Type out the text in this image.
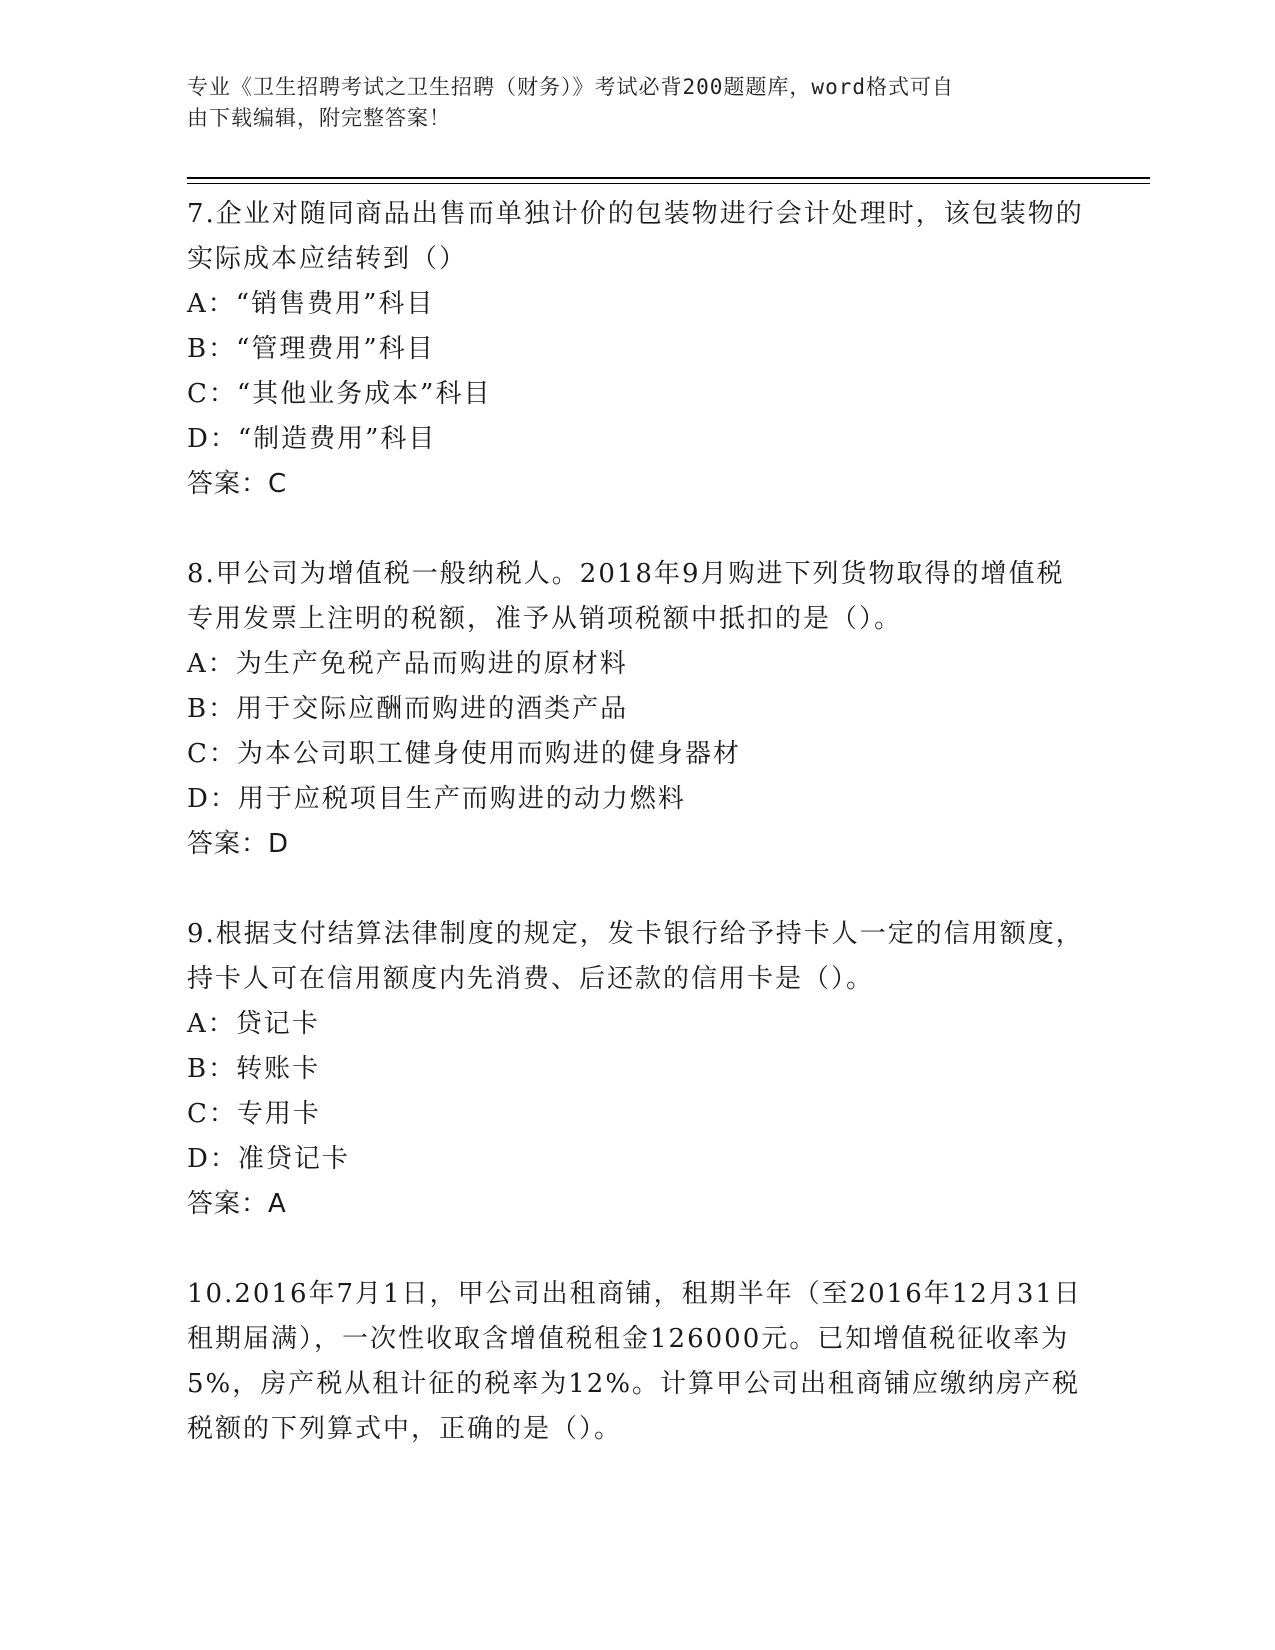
专业《卫生招聘考试之卫生招聘（财务）》考试必背200题题库，word格式可自
由下载编辑，附完整答案！

7.企业对随同商品出售而单独计价的包装物进行会计处理时，该包装物的实际成本应结转到（）

A：“销售费用”科目

B：“管理费用”科目

C：“其他业务成本”科目

D：“制造费用”科目

答案：C

8.甲公司为增值税一般纳税人。2018年9月购进下列货物取得的增值税专用发票上注明的税额，准予从销项税额中抵扣的是（）。

A：为生产免税产品而购进的原材料

B：用于交际应酬而购进的酒类产品

C：为本公司职工健身使用而购进的健身器材

D：用于应税项目生产而购进的动力燃料

答案：D

9.根据支付结算法律制度的规定，发卡银行给予持卡人一定的信用额度，持卡人可在信用额度内先消费、后还款的信用卡是（）。

A：贷记卡

B：转账卡

C：专用卡

D：准贷记卡

答案：A

10.2016年7月1日，甲公司出租商铺，租期半年（至2016年12月31日租期届满），一次性收取含增值税租金126000元。已知增值税征收率为5%，房产税从租计征的税率为12%。计算甲公司出租商铺应缴纳房产税税额的下列算式中，正确的是（）。
